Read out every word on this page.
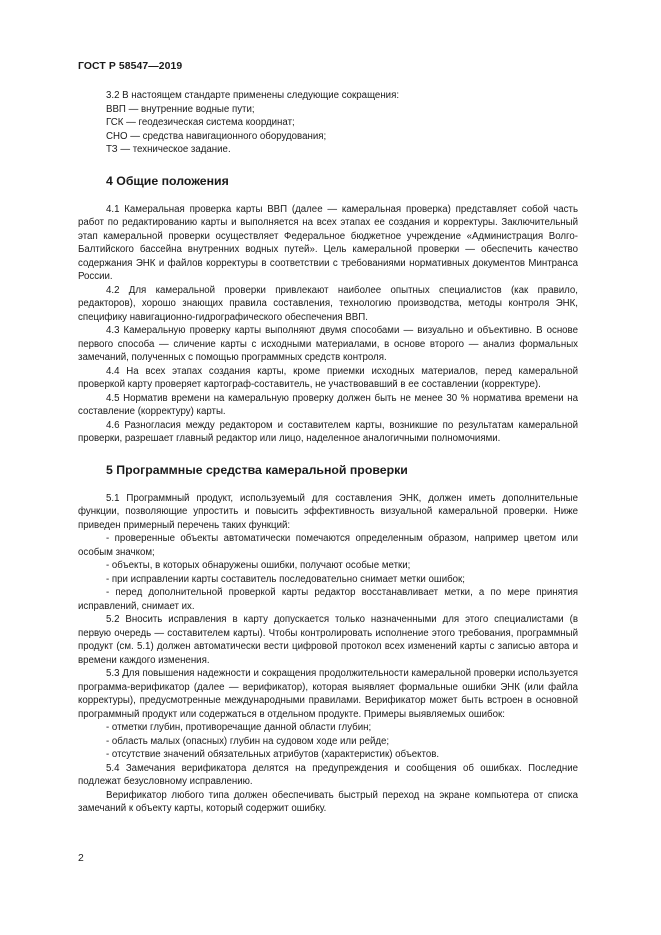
ГОСТ Р 58547—2019

3.2 В настоящем стандарте применены следующие сокращения:

ВВП — внутренние водные пути;

ГСК — геодезическая система координат;

СНО — средства навигационного оборудования;

ТЗ — техническое задание.

4 Общие положения

4.1 Камеральная проверка карты ВВП (далее — камеральная проверка) представляет собой часть работ по редактированию карты и выполняется на всех этапах ее создания и корректуры. Заключительный этап камеральной проверки осуществляет Федеральное бюджетное учреждение «Администрация Волго-Балтийского бассейна внутренних водных путей». Цель камеральной проверки — обеспечить качество содержания ЭНК и файлов корректуры в соответствии с требованиями нормативных документов Минтранса России.

4.2 Для камеральной проверки привлекают наиболее опытных специалистов (как правило, редакторов), хорошо знающих правила составления, технологию производства, методы контроля ЭНК, специфику навигационно-гидрографического обеспечения ВВП.

4.3 Камеральную проверку карты выполняют двумя способами — визуально и объективно. В основе первого способа — сличение карты с исходными материалами, в основе второго — анализ формальных замечаний, полученных с помощью программных средств контроля.

4.4 На всех этапах создания карты, кроме приемки исходных материалов, перед камеральной проверкой карту проверяет картограф-составитель, не участвовавший в ее составлении (корректуре).

4.5 Норматив времени на камеральную проверку должен быть не менее 30 % норматива времени на составление (корректуру) карты.

4.6 Разногласия между редактором и составителем карты, возникшие по результатам камеральной проверки, разрешает главный редактор или лицо, наделенное аналогичными полномочиями.

5 Программные средства камеральной проверки

5.1 Программный продукт, используемый для составления ЭНК, должен иметь дополнительные функции, позволяющие упростить и повысить эффективность визуальной камеральной проверки. Ниже приведен примерный перечень таких функций:

- проверенные объекты автоматически помечаются определенным образом, например цветом или особым значком;

- объекты, в которых обнаружены ошибки, получают особые метки;

- при исправлении карты составитель последовательно снимает метки ошибок;

- перед дополнительной проверкой карты редактор восстанавливает метки, а по мере принятия исправлений, снимает их.

5.2 Вносить исправления в карту допускается только назначенными для этого специалистами (в первую очередь — составителем карты). Чтобы контролировать исполнение этого требования, программный продукт (см. 5.1) должен автоматически вести цифровой протокол всех изменений карты с записью автора и времени каждого изменения.

5.3 Для повышения надежности и сокращения продолжительности камеральной проверки используется программа-верификатор (далее — верификатор), которая выявляет формальные ошибки ЭНК (или файла корректуры), предусмотренные международными правилами. Верификатор может быть встроен в основной программный продукт или содержаться в отдельном продукте. Примеры выявляемых ошибок:

- отметки глубин, противоречащие данной области глубин;

- область малых (опасных) глубин на судовом ходе или рейде;

- отсутствие значений обязательных атрибутов (характеристик) объектов.

5.4 Замечания верификатора делятся на предупреждения и сообщения об ошибках. Последние подлежат безусловному исправлению.

Верификатор любого типа должен обеспечивать быстрый переход на экране компьютера от списка замечаний к объекту карты, который содержит ошибку.

2
